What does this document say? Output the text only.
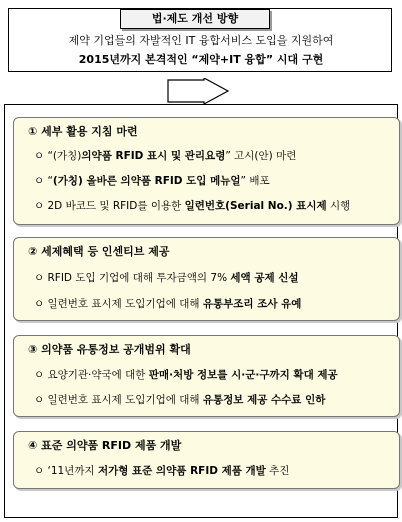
법·제도 개선 방향
제약 기업들의 자발적인 IT 융합서비스 도입을 지원하여
2015년까지 본격적인 “제약+IT 융합” 시대 구현
① 세부 활용 지침 마련
ㅇ “(가칭)의약품 RFID 표시 및 관리요령” 고시(안) 마련
ㅇ “(가칭) 올바른 의약품 RFID 도입 메뉴얼” 배포
ㅇ 2D 바코드 및 RFID를 이용한 일련번호(Serial No.) 표시제 시행
② 세제혜택 등 인센티브 제공
ㅇ RFID 도입 기업에 대해 투자금액의 7% 세액 공제 신설
ㅇ 일련번호 표시제 도입기업에 대해 유통부조리 조사 유예
③ 의약품 유통정보 공개범위 확대
ㅇ 요양기관·약국에 대한 판매·처방 정보를 시·군·구까지 확대 제공
ㅇ 일련번호 표시제 도입기업에 대해 유통정보 제공 수수료 인하
④ 표준 의약품 RFID 제품 개발
ㅇ ‘11년까지 저가형 표준 의약품 RFID 제품 개발 추진
